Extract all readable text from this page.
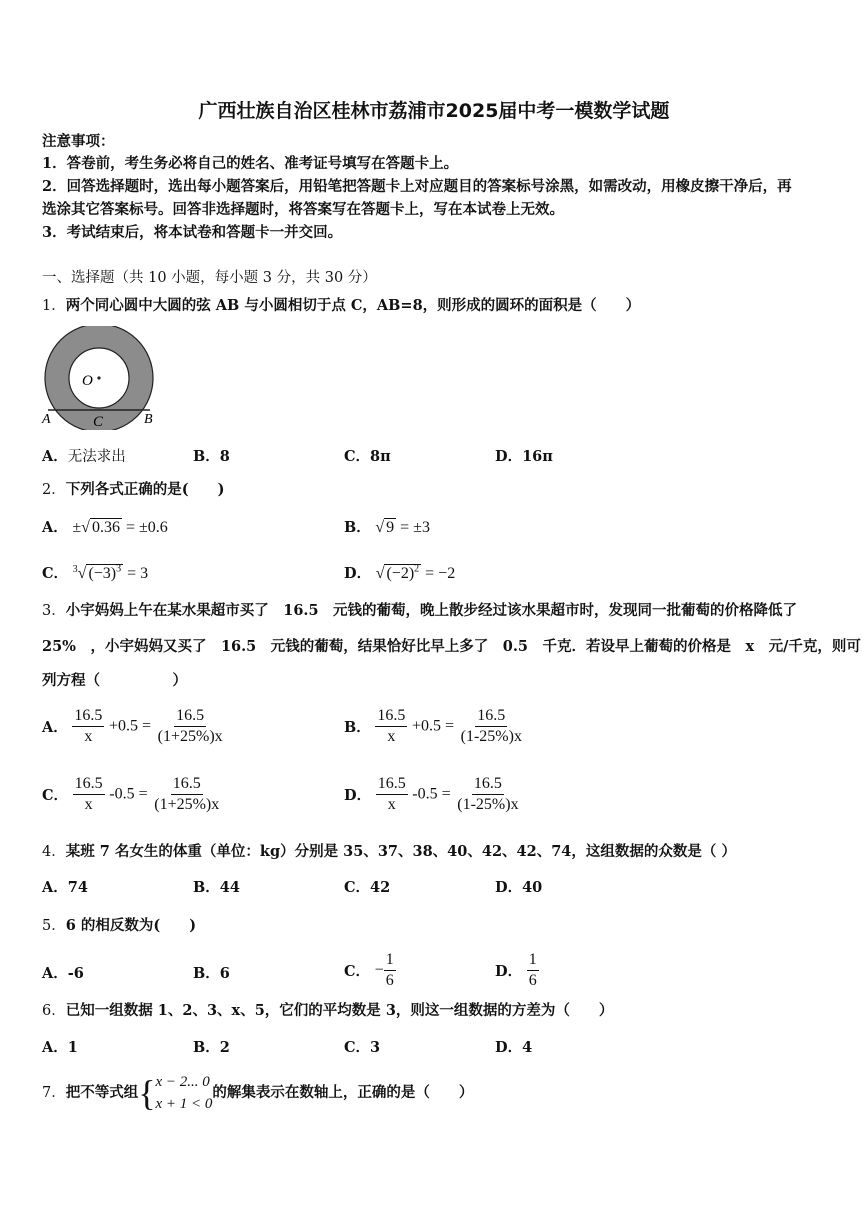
广西壮族自治区桂林市荔浦市2025届中考一模数学试题
注意事项：
1．答卷前，考生务必将自己的姓名、准考证号填写在答题卡上。
2．回答选择题时，选出每小题答案后，用铅笔把答题卡上对应题目的答案标号涂黑，如需改动，用橡皮擦干净后，再
选涂其它答案标号。回答非选择题时，将答案写在答题卡上，写在本试卷上无效。
3．考试结束后，将本试卷和答题卡一并交回。
一、选择题（共 10 小题，每小题 3 分，共 30 分）
1．两个同心圆中大圆的弦 AB 与小圆相切于点 C，AB=8，则形成的圆环的面积是（　　）
O
A	B
C
A．无法求出	B．8	C．8π	D．16π
2．下列各式正确的是(　　)
A． ±√ 0.36 = ±0.6	B． √ 9 = ±3
C． $^3$√ $(-3)^3 = 3$	D． √ $(-2)^2 = -2$
3．小宇妈妈上午在某水果超市买了　16.5　元钱的葡萄，晚上散步经过该水果超市时，发现同一批葡萄的价格降低了
25%　，小宇妈妈又买了　16.5　元钱的葡萄，结果恰好比早上多了　0.5　千克．若设早上葡萄的价格是　x　元/千克，则可
列方程（　　　　　）
A． $\frac{16.5}{x} +0.5 = \frac{16.5}{(1+25\%)x}$	B． $\frac{16.5}{x} +0.5 = \frac{16.5}{(1-25\%)x}$
C． $\frac{16.5}{x} -0.5 = \frac{16.5}{(1+25\%)x}$	D． $\frac{16.5}{x} -0.5 = \frac{16.5}{(1-25\%)x}$
4．某班 7 名女生的体重（单位：kg）分别是 35、37、38、40、42、42、74，这组数据的众数是（ ）
A．74	B．44	C．42	D．40
5．6 的相反数为(　　)
A．-6	B．6	C． − $\frac{1}{6}$	D． $\frac{1}{6}$
6．已知一组数据 1、2、3、x、5，它们的平均数是 3，则这一组数据的方差为（　　）
A．1	B．2	C．3	D．4
7．把不等式组{ x − 2... 0
x + 1 < 0
的解集表示在数轴上，正确的是（　　）
